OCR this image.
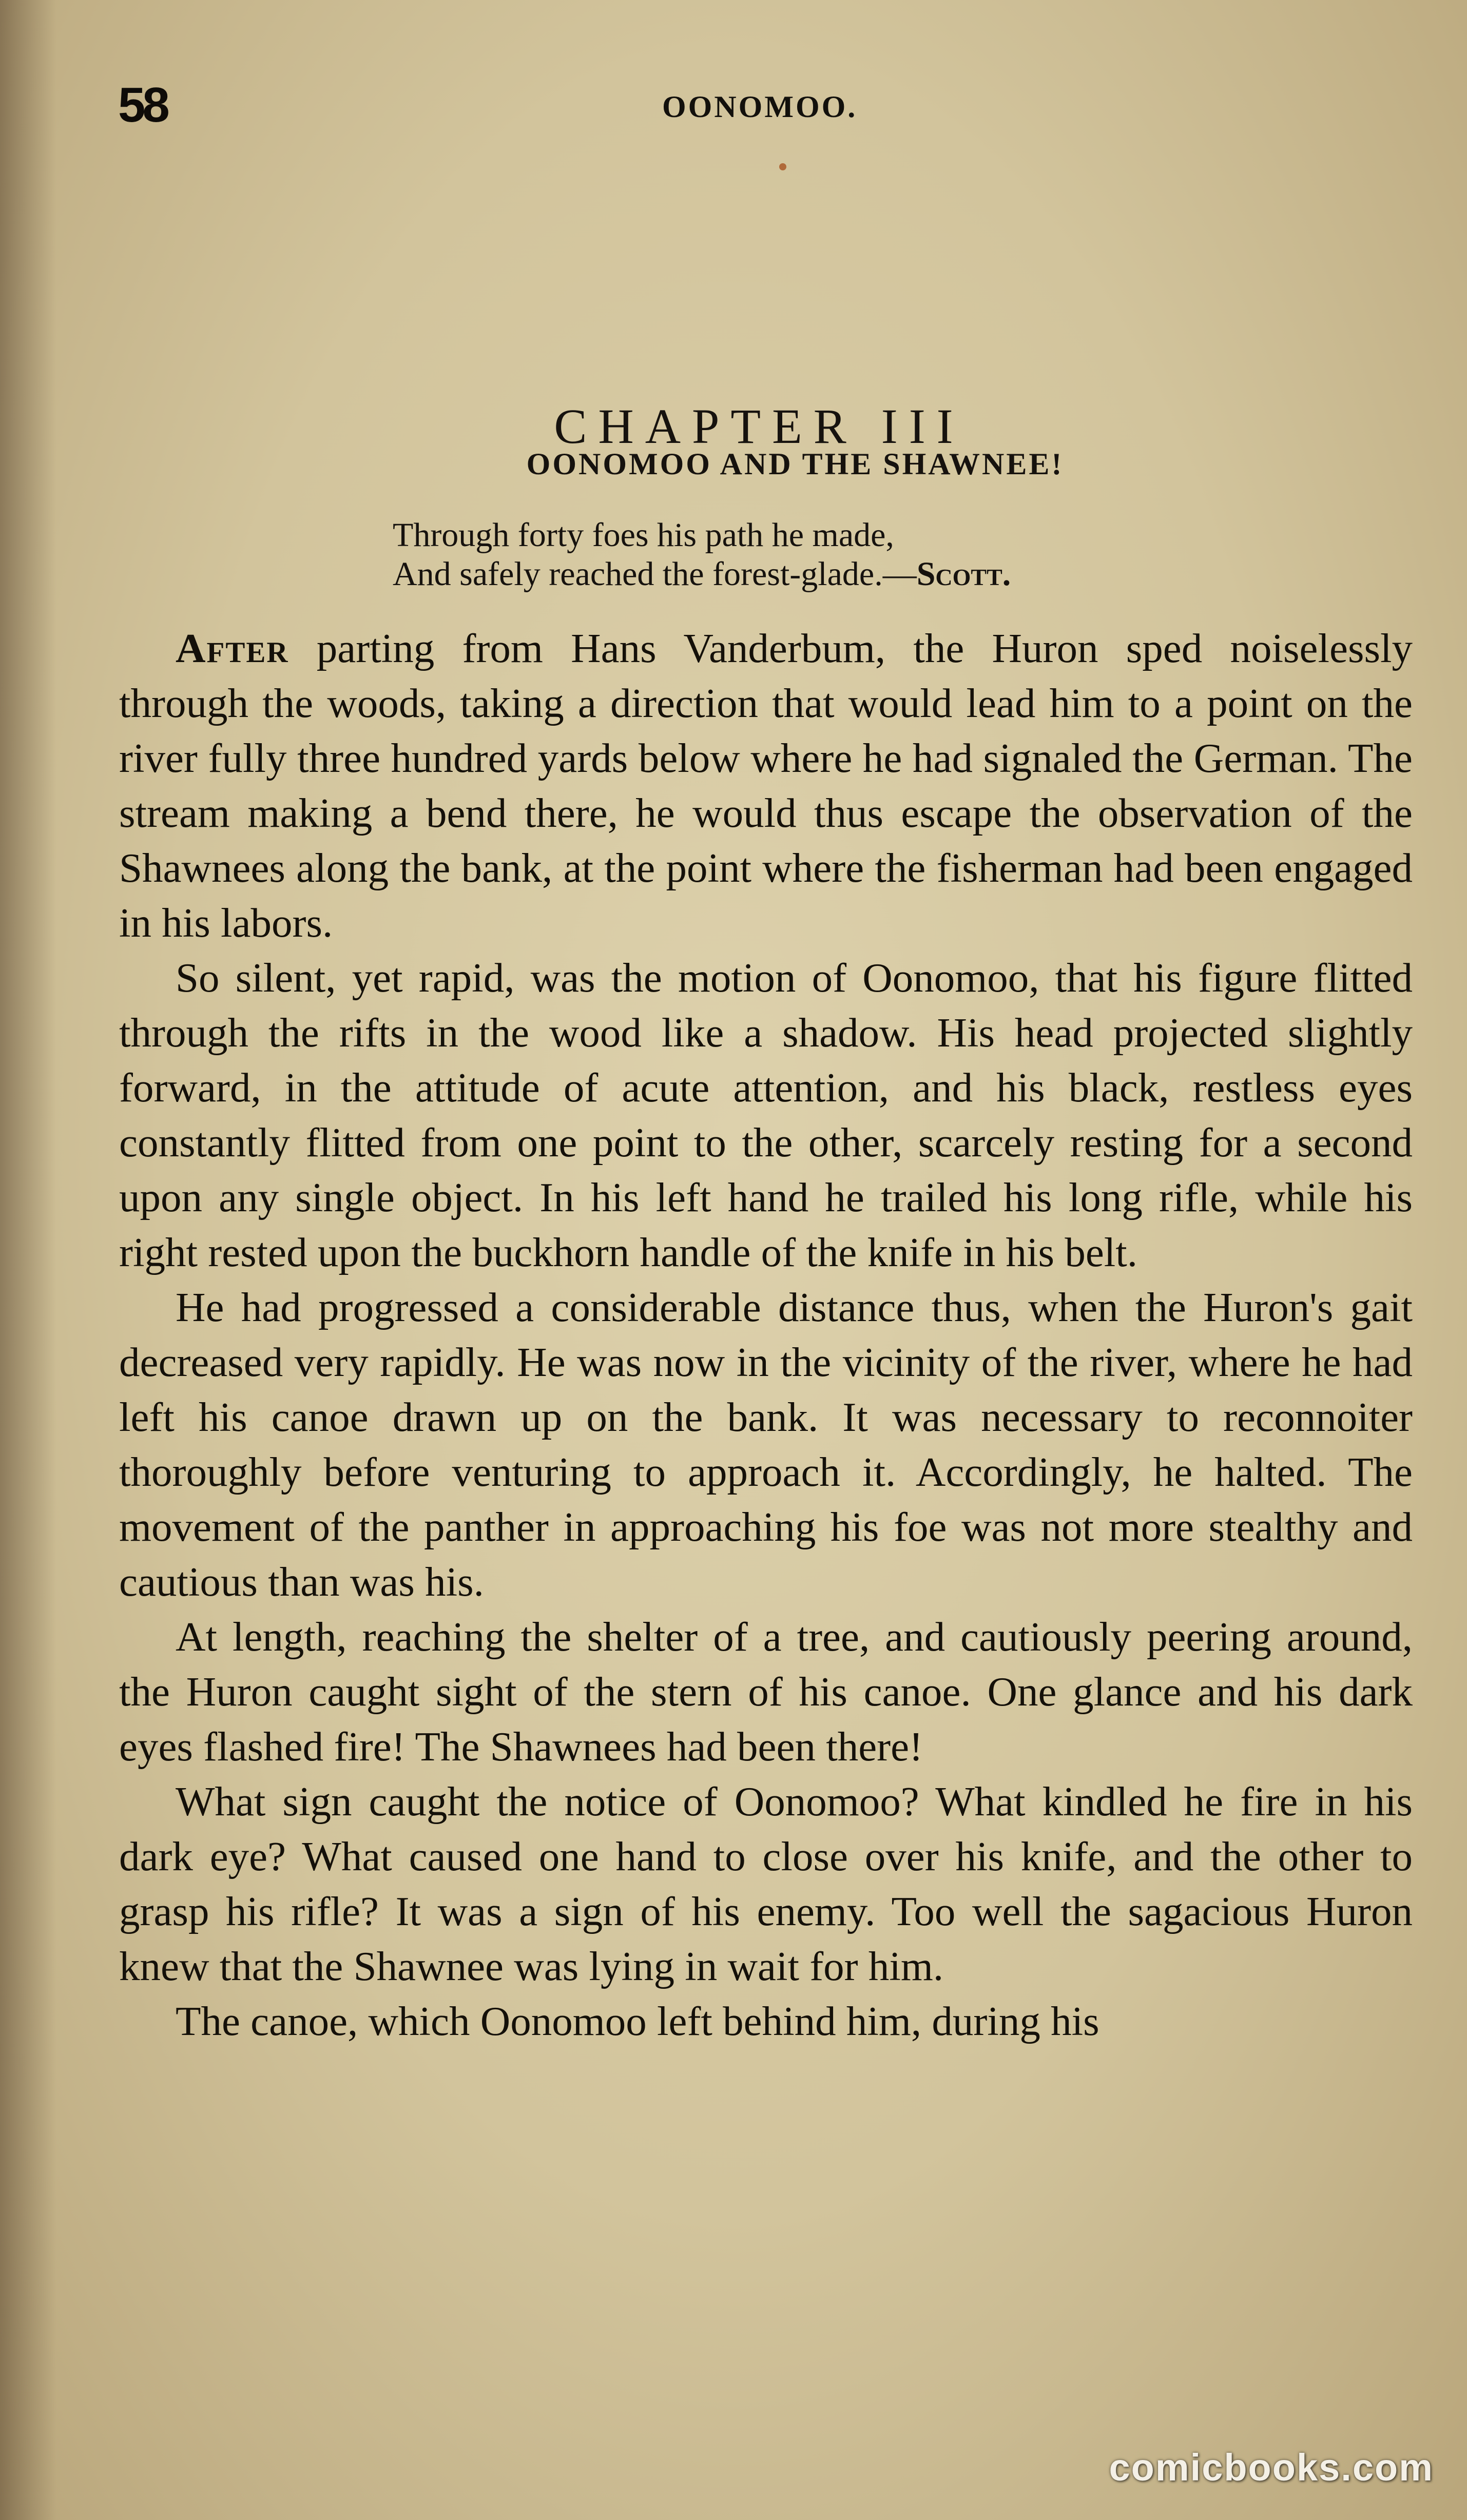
58	OONOMOO.
CHAPTER III
OONOMOO AND THE SHAWNEE!
Through forty foes his path he made,
And safely reached the forest-glade.—Scott.

After parting from Hans Vanderbum, the Huron sped noiselessly through the woods, taking a direction that would lead him to a point on the river fully three hundred yards below where he had signaled the German. The stream making a bend there, he would thus escape the observation of the Shawnees along the bank, at the point where the fisherman had been engaged in his labors.

So silent, yet rapid, was the motion of Oonomoo, that his figure flitted through the rifts in the wood like a shadow. His head projected slightly forward, in the attitude of acute attention, and his black, restless eyes constantly flitted from one point to the other, scarcely resting for a second upon any single object. In his left hand he trailed his long rifle, while his right rested upon the buckhorn handle of the knife in his belt.

He had progressed a considerable distance thus, when the Huron's gait decreased very rapidly. He was now in the vicinity of the river, where he had left his canoe drawn up on the bank. It was necessary to reconnoiter thoroughly before venturing to approach it. Accordingly, he halted. The movement of the panther in approaching his foe was not more stealthy and cautious than was his.

At length, reaching the shelter of a tree, and cautiously peering around, the Huron caught sight of the stern of his canoe. One glance and his dark eyes flashed fire! The Shawnees had been there!

What sign caught the notice of Oonomoo? What kindled he fire in his dark eye? What caused one hand to close over his knife, and the other to grasp his rifle? It was a sign of his enemy. Too well the sagacious Huron knew that the Shawnee was lying in wait for him.

The canoe, which Oonomoo left behind him, during his

comicbooks.com
